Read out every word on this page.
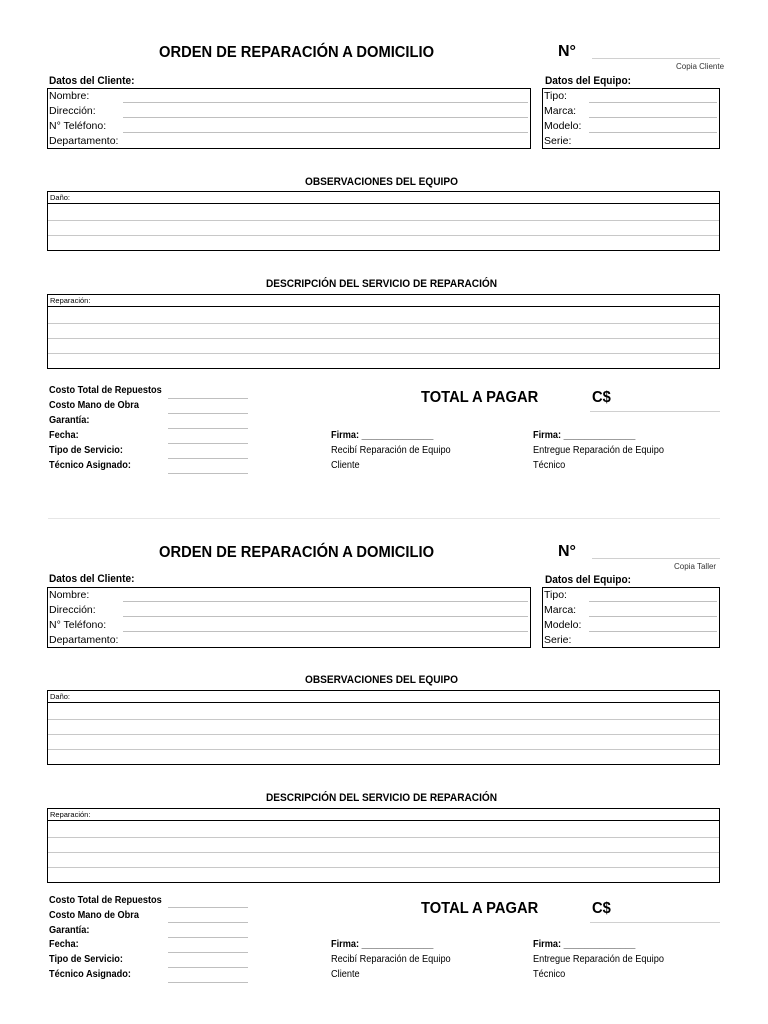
ORDEN DE REPARACIÓN A DOMICILIO	N°
Copia Cliente
Datos del Cliente:	Datos del Equipo:
Nombre:
Dirección:
N° Teléfono:
Departamento:
Tipo:
Marca:
Modelo:
Serie:
OBSERVACIONES DEL EQUIPO
Daño:
DESCRIPCIÓN DEL SERVICIO DE REPARACIÓN
Reparación:
Costo Total de Repuestos
Costo Mano de Obra
Garantía:
Fecha:
Tipo de Servicio:
Técnico Asignado:
TOTAL A PAGAR	C$
Firma: ______________
Recibí Reparación de Equipo
Cliente
Firma: ______________
Entregue Reparación de Equipo
Técnico
ORDEN DE REPARACIÓN A DOMICILIO	N°
Copia Taller
Datos del Cliente:	Datos del Equipo:
Nombre:
Dirección:
N° Teléfono:
Departamento:
Tipo:
Marca:
Modelo:
Serie:
OBSERVACIONES DEL EQUIPO
Daño:
DESCRIPCIÓN DEL SERVICIO DE REPARACIÓN
Reparación:
Costo Total de Repuestos
Costo Mano de Obra
Garantía:
Fecha:
Tipo de Servicio:
Técnico Asignado:
TOTAL A PAGAR	C$
Firma: ______________
Recibí Reparación de Equipo
Cliente
Firma: ______________
Entregue Reparación de Equipo
Técnico
